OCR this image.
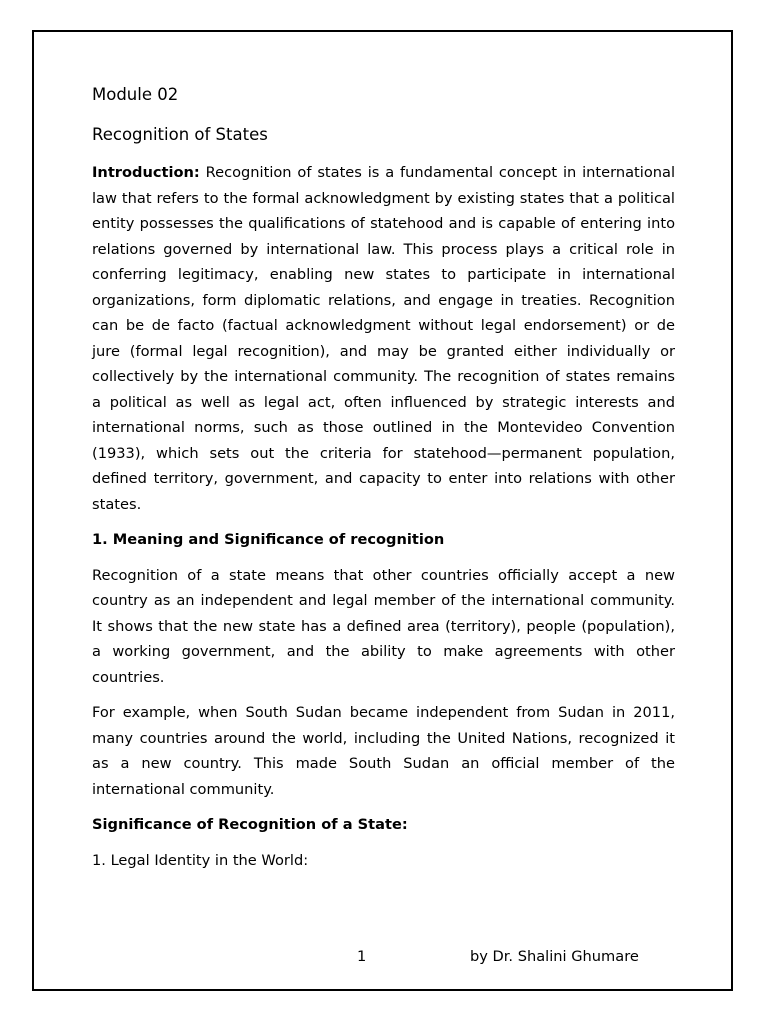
Module 02
Recognition of States

Introduction: Recognition of states is a fundamental concept in international law that refers to the formal acknowledgment by existing states that a political entity possesses the qualifications of statehood and is capable of entering into relations governed by international law. This process plays a critical role in conferring legitimacy, enabling new states to participate in international organizations, form diplomatic relations, and engage in treaties. Recognition can be de facto (factual acknowledgment without legal endorsement) or de jure (formal legal recognition), and may be granted either individually or collectively by the international community. The recognition of states remains a political as well as legal act, often influenced by strategic interests and international norms, such as those outlined in the Montevideo Convention (1933), which sets out the criteria for statehood—permanent population, defined territory, government, and capacity to enter into relations with other states.

1. Meaning and Significance of recognition

Recognition of a state means that other countries officially accept a new country as an independent and legal member of the international community. It shows that the new state has a defined area (territory), people (population), a working government, and the ability to make agreements with other countries.

For example, when South Sudan became independent from Sudan in 2011, many countries around the world, including the United Nations, recognized it as a new country. This made South Sudan an official member of the international community.

Significance of Recognition of a State:

1. Legal Identity in the World:

1	by Dr. Shalini Ghumare
